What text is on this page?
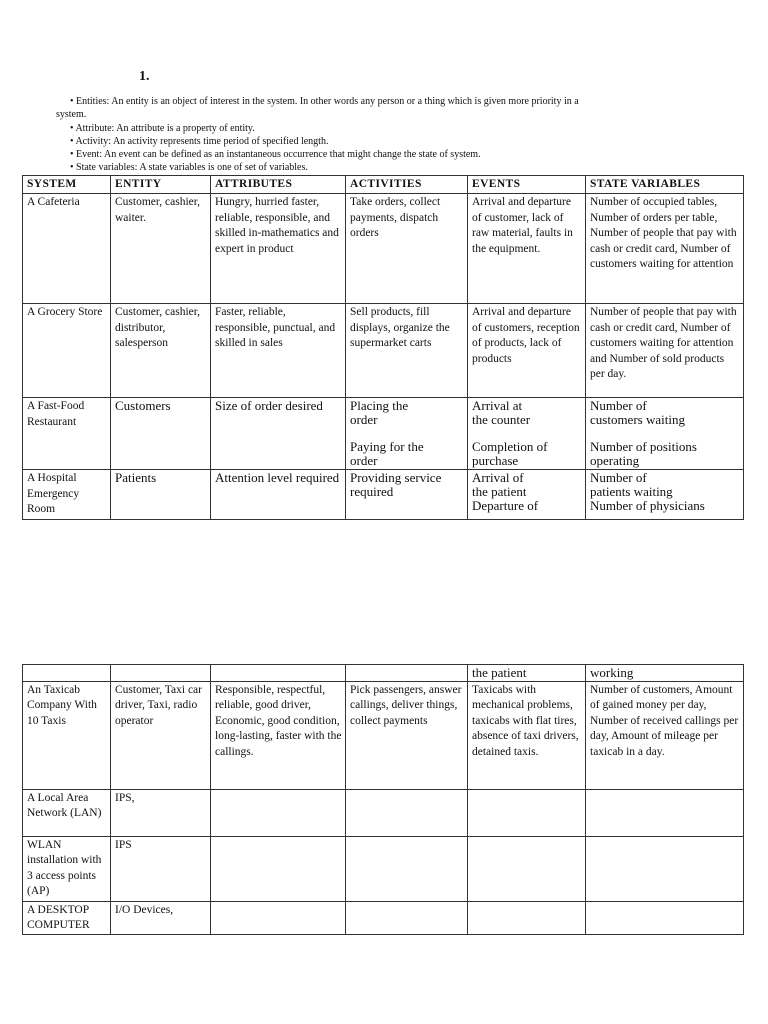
1.

• Entities: An entity is an object of interest in the system. In other words any person or a thing which is given more priority in a

system.

• Attribute: An attribute is a property of entity.

• Activity: An activity represents time period of specified length.

• Event: An event can be defined as an instantaneous occurrence that might change the state of system.

• State variables: A state variables is one of set of variables.

SYSTEM	ENTITY	ATTRIBUTES	ACTIVITIES	EVENTS	STATE VARIABLES
A Cafeteria	Customer, cashier, waiter.	Hungry, hurried faster, reliable, responsible, and skilled in-mathematics and expert in product	Take orders, collect payments, dispatch orders	Arrival and departure of customer, lack of raw material, faults in the equipment.	Number of occupied tables, Number of orders per table, Number of people that pay with cash or credit card, Number of customers waiting for attention
A Grocery Store	Customer, cashier, distributor, salesperson	Faster, reliable, responsible, punctual, and skilled in sales	Sell products, fill displays, organize the supermarket carts	Arrival and departure of customers, reception of products, lack of products	Number of people that pay with cash or credit card, Number of customers waiting for attention and Number of sold products per day.
A Fast-Food Restaurant	Customers	Size of order desired	Placing the
order
Paying for the
order	Arrival at
the counter
Completion of
purchase	Number of
customers waiting
Number of positions
operating

A Hospital Emergency Room	Patients	Attention level required	Providing service required	Arrival of
the patient
Departure of	Number of
patients waiting
Number of physicians
				the patient	working
An Taxicab Company With 10 Taxis	Customer, Taxi car driver, Taxi, radio operator	Responsible, respectful, reliable, good driver, Economic, good condition, long-lasting, faster with the callings.	Pick passengers, answer callings, deliver things, collect payments	Taxicabs with mechanical problems, taxicabs with flat tires, absence of taxi drivers, detained taxis.	Number of customers, Amount of gained money per day, Number of received callings per day, Amount of mileage per taxicab in a day.
A Local Area Network (LAN)	IPS,				
WLAN installation with 3 access points (AP)	IPS				
A DESKTOP COMPUTER	I/O Devices,				
